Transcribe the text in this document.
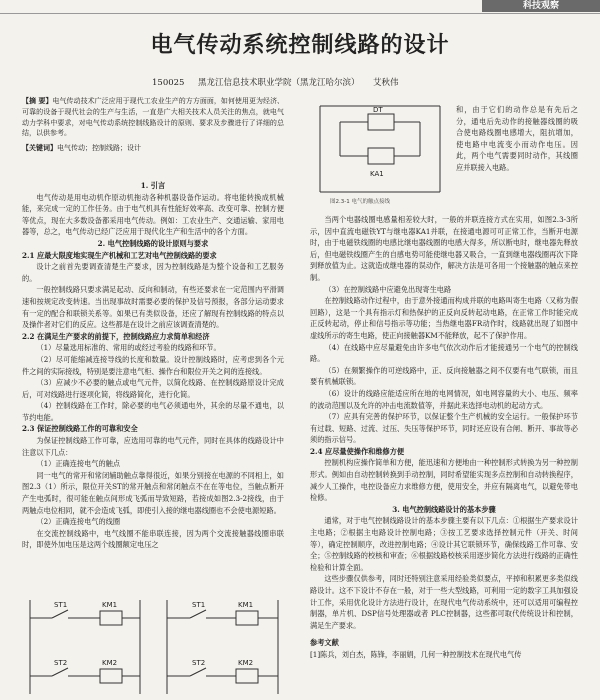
科技观察
电气传动系统控制线路的设计
150025 黑龙江信息技术职业学院（黑龙江哈尔滨） 艾秋伟

【摘 要】电气传动技术广泛应用于现代工农业生产的方方面面，如何使用更为经济、可靠的设备于现代社会的生产与生活，一直是广大相关技术人员关注的焦点，就电气动力学科中要求，对电气传动系统控制线路设计的原则、要求及步骤进行了详细的总结，以供参考。

【关键词】电气传动；控制线路；设计

1. 引言

电气传动是用电动机作原动机拖动各种机器设备作运动。将电能转换成机械能，来完成一定的工作任务。由于电气机具有性能好效率高、改变可靠、控制方便等优点，现在大多数设备都采用电气传动。例如：工农业生产、交通运输、家用电器等，总之，电气传动已经广泛应用于现代化生产和生活中的各个方面。

2. 电气控制线路的设计原则与要求

2.1 应最大限度地实现生产机械和工艺对电气控制线路的要求

设计之前首先要调查清楚生产要求，因为控制线路是为整个设备和工艺服务的。

一般控制线路只要求满足起动、反向和制动，有些还要求在一定范围内平滑调速和按规定改变转速。当出现事故时需要必要的保护及信号预报，各部分运动要求有一定的配合和联锁关系等。如果已有类似设备，还应了解现有控制线路的特点以及操作者对它们的反应。这些都是在设计之前应该调查清楚的。

2.2 在满足生产要求的前提下，控制线路应力求简单和经济

（1）尽量选用标准的、常用的或经过考验的线路和环节。

（2）尽可能缩减连接导线的长度和数量。设计控制线路时，应考虑到各个元件之间的实际接线，特别是要注意电气柜、操作台和限位开关之间的连接线。

（3）应减少不必要的触点或电气元件，以简化线路、在控制线路原设计完成后，可对线路进行逐项化简，将线路简化，进行化简。

（4）控制线路在工作时，除必要的电气必须通电外，其余的尽量不通电，以节约电能。

2.3 保证控制线路工作的可靠和安全

为保证控制线路工作可靠，应选用可靠的电气元件，同时在具体的线路设计中注意以下几点：

（1）正确连接电气的触点

同一电气的常开和常闭辅助触点靠得很近，如果分别接在电源的不同相上，如图2.3（1）所示，限位开关ST的常开触点和常闭触点不在在等电位，当触点断开产生电弧时，很可能在触点间形成飞弧而导致短路，若接成如图2.3-2接线，由于两触点电位相同，就不会造成飞弧，即使引入接的继电器线圈也不会使电源短路。

（2）正确连接电气的线圈

在交流控制线路中，电气线圈不能串联连接，因为两个交流接触器线圈串联时，即使外加电压是这两个线圈额定电压之

ST1	KM1
ST2	KM2
ST1	KM1
ST2	KM2
DT
KA1
图2.3-1 电气的触点接线

和，由于它们的动作总是有先后之分，通电后先动作的接触器线圈的吸合使电路线圈电感增大，阻抗增加，使电路中电流变小而动作电压。因此，两个电气需要同时动作，其线圈应并联接入电路。

当两个电器线圈电感量相差较大时，一般的并联连接方式在实用，如图2.3-3所示，因中直流电磁铁YT与继电器KA1并联，在接通电源可可正常工作，当断开电源时，由于电磁铁线圈的电感比继电器线圈的电感大得多，所以断电时，继电器先释放后，但电磁铁线圈产生的自感电势可能使继电器又吸合，一直到继电器线圈再次下降到释放值为止。这就造成继电器的误动作，解决方法是可各用一个接触器的触点来控制。

（3）在控制线路中应避免出现寄生电路

在控制线路动作过程中，由于意外接通而构成并联的电路叫寄生电路（又称为假回路），这是一个具有指示灯和热保护的正反向反转起动电路，在正常工作时能完成正反转起动，停止和信号指示等功能；当热继电器FR动作时，线路就出现了如图中虚线所示的寄生电路，使正向接触器KM不能释放，起不了保护作用。

（4）在线路中应尽量避免由许多电气依次动作后才能接通另一个电气的控制线路。

（5）在频繁操作的可逆线路中，正、反向接触器之间不仅要有电气联锁，而且要有机械联锁。

（6）设计的线路应能适应所在地的电网情况，如电网容量的大小、电压、频率的波动范围以及允许的冲击电流数值等，并据此来选择电动机的起动方式。

（7）应具有完善的保护环节，以保证整个生产机械的安全运行。一般保护环节有过载、短路、过流、过压、失压等保护环节，同时还应设有合闸、断开、事故等必须的指示信号。

2.4 应尽量使操作和维修方便

控制机构应操作简单和方便，能迅速和方便地由一种控制形式转换为另一种控制形式。例如由自动控制转换到手动控制，同时希望能实现多点控制和自动转换程序，减少人工操作，电控设备应力求维修方便，使用安全，并应有隔离电气，以避免带电检修。

3. 电气控制线路设计的基本步骤

通常，对于电气控制线路设计的基本步骤主要有以下几点：①根据生产要求设计主电路；②根据主电路设计控制电路；③按工艺要求选择控制元件（开关、时间等），确定控制顺序，改进控制电路；④设计其它联锁环节，确保线路工作可靠、安全；⑤控制线路的校核和审查；⑥根据线路校核采用逐步简化方法进行线路的正确性检验和计算全面。

这些步骤仅供参考，同时还特别注意采用经验类似要点，平掉和积累更多类似线路设计。这不下设计不存在一般，对于一些大型线路，可利用一定的数字工具加强设计工作，采用优化设计方法进行设计，在现代电气传动系统中，还可以适用可编程控制器，单片机、DSP信号处理器或者 PLC控制器，这些都可取代传统设计和控制，满足生产要求。

参考文献

[1]陈兵，刘白杰，陈锋，李丽娟，几何一种控制技术在现代电气传
